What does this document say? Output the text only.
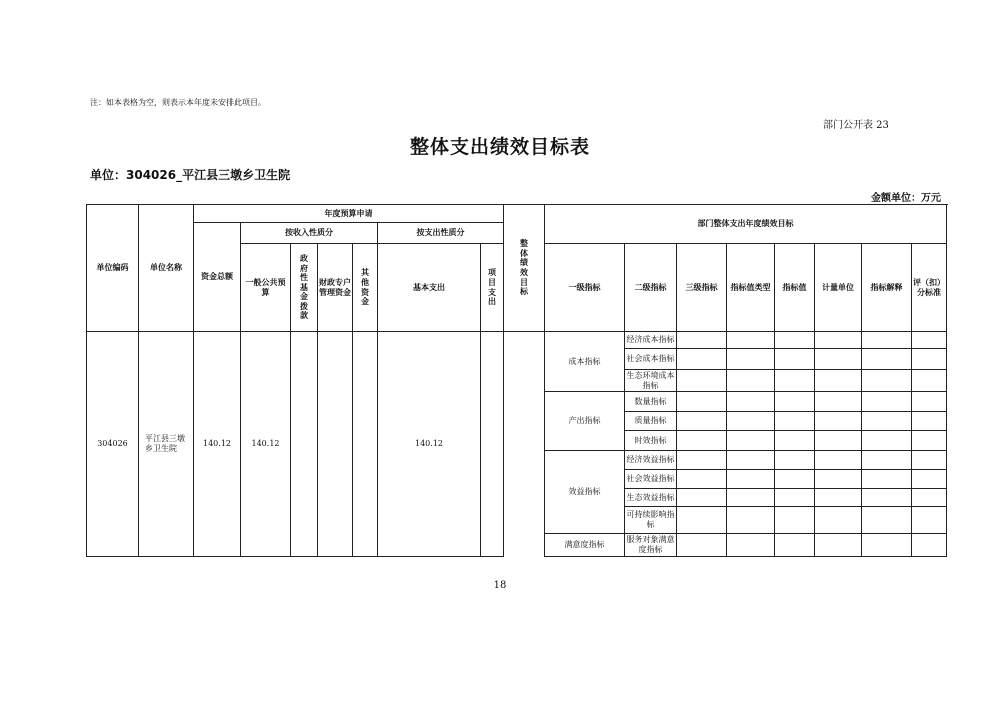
注：如本表格为空，则表示本年度未安排此项目。
部门公开表 23
整体支出绩效目标表
单位：304026_平江县三墩乡卫生院
金额单位：万元
单位编码	单位名称	年度预算申请							整体绩效目标	部门整体支出年度绩效目标								
		资金总额	按收入性质分				按支出性质分											
			一般公共预算	政府性基金拨款	财政专户管理资金	其他资金	基本支出	项目支出		一级指标	二级指标	三级指标	指标值类型	指标值	计量单位	指标解释	评（扣）分标准	

304026	平江县三墩乡卫生院	140.12	140.12				140.12			成本指标	经济成本指标							
											社会成本指标							
											生态环境成本指标							
										产出指标	数量指标							
											质量指标							
											时效指标							
										效益指标	经济效益指标							
											社会效益指标							
											生态效益指标							
											可持续影响指标							
										满意度指标	服务对象满意度指标							
18
